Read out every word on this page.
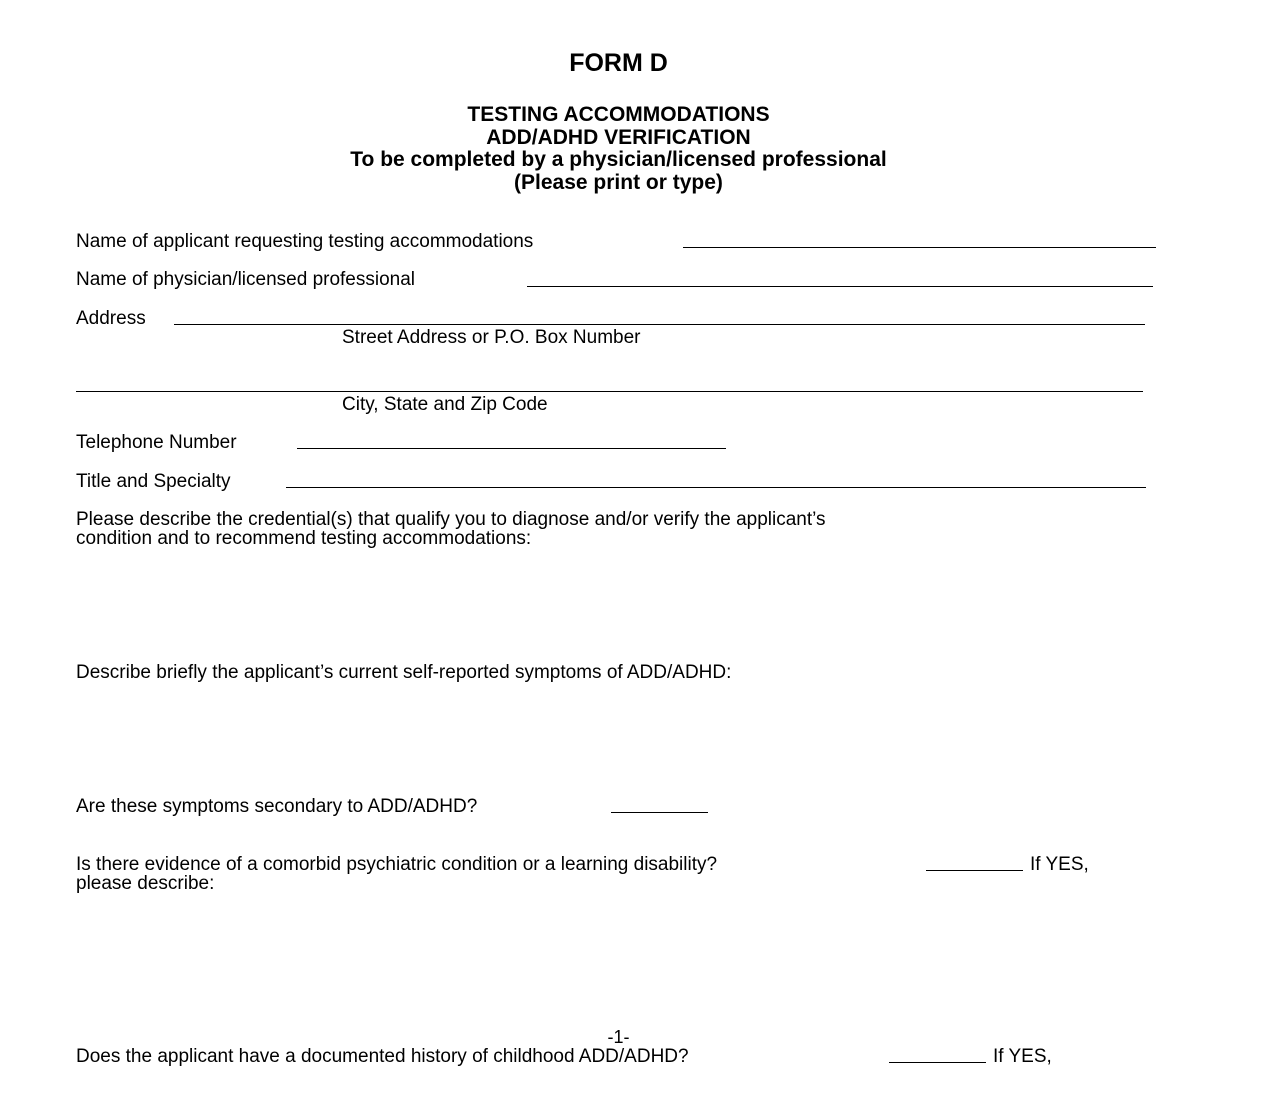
FORM D
TESTING ACCOMMODATIONS
ADD/ADHD VERIFICATION
To be completed by a physician/licensed professional
(Please print or type)
Name of applicant requesting testing accommodations
Name of physician/licensed professional
Address
Street Address or P.O. Box Number
City, State and Zip Code
Telephone Number
Title and Specialty
Please describe the credential(s) that qualify you to diagnose and/or verify the applicant’s
condition and to recommend testing accommodations:
Describe briefly the applicant’s current self-reported symptoms of ADD/ADHD:
Are these symptoms secondary to ADD/ADHD?
Is there evidence of a comorbid psychiatric condition or a learning disability?	If YES,
please describe:
-1-
Does the applicant have a documented history of childhood ADD/ADHD?	If YES,
